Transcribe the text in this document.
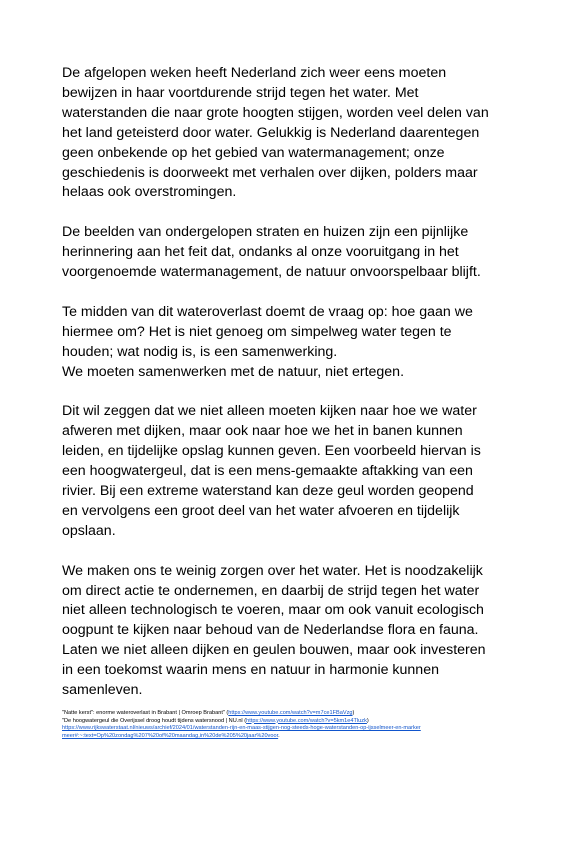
De afgelopen weken heeft Nederland zich weer eens moeten
bewijzen in haar voortdurende strijd tegen het water. Met
waterstanden die naar grote hoogten stijgen, worden veel delen van
het land geteisterd door water. Gelukkig is Nederland daarentegen
geen onbekende op het gebied van watermanagement; onze
geschiedenis is doorweekt met verhalen over dijken, polders maar
helaas ook overstromingen.

De beelden van ondergelopen straten en huizen zijn een pijnlijke
herinnering aan het feit dat, ondanks al onze vooruitgang in het
voorgenoemde watermanagement, de natuur onvoorspelbaar blijft.

Te midden van dit wateroverlast doemt de vraag op: hoe gaan we
hiermee om? Het is niet genoeg om simpelweg water tegen te
houden; wat nodig is, is een samenwerking.
We moeten samenwerken met de natuur, niet ertegen.

Dit wil zeggen dat we niet alleen moeten kijken naar hoe we water
afweren met dijken, maar ook naar hoe we het in banen kunnen
leiden, en tijdelijke opslag kunnen geven. Een voorbeeld hiervan is
een hoogwatergeul, dat is een mens-gemaakte aftakking van een
rivier. Bij een extreme waterstand kan deze geul worden geopend
en vervolgens een groot deel van het water afvoeren en tijdelijk
opslaan.

We maken ons te weinig zorgen over het water. Het is noodzakelijk
om direct actie te ondernemen, en daarbij de strijd tegen het water
niet alleen technologisch te voeren, maar om ook vanuit ecologisch
oogpunt te kijken naar behoud van de Nederlandse flora en fauna.
Laten we niet alleen dijken en geulen bouwen, maar ook investeren
in een toekomst waarin mens en natuur in harmonie kunnen
samenleven.

"Natte kerst": enorme wateroverlast in Brabant | Omroep Brabant" (https://www.youtube.com/watch?v=m7ce1FBaVzg)
"De hoogwatergeul die Overijssel droog houdt tijdens watersnood | NU.nl (https://www.youtube.com/watch?v=5km1e4Tluzk)
https://www.rijkswaterstaat.nl/nieuws/archief/2024/01/waterstanden-rijn-en-maas-stijgen-nog-steeds-hoge-waterstanden-op-ijsselmeer-en-marker
meer#:~:text=Op%20zondag%207%20of%20maandag,in%20de%205%20jaar%20voor.
